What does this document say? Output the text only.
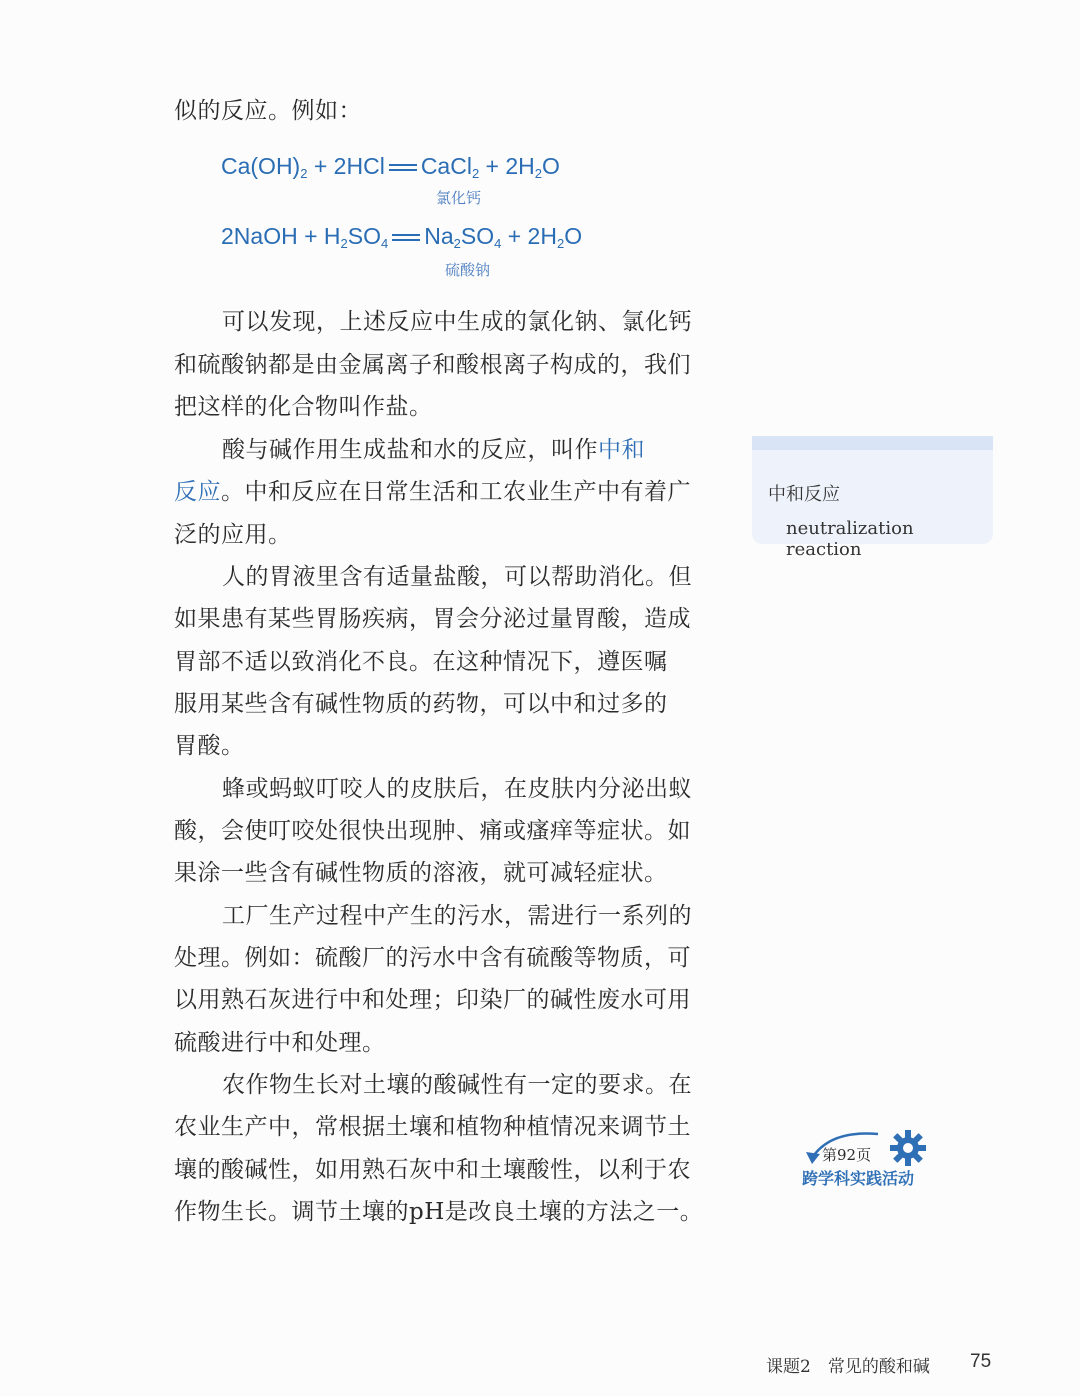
似的反应。例如：
$Ca(OH)_2 + 2HCl$ CaCl$_2$ + $2H_2O$
氯化钙
2NaOH + $H_2SO_4$ $Na_2SO_4 + 2H_2O$
硫酸钠
可以发现，上述反应中生成的氯化钠、氯化钙
和硫酸钠都是由金属离子和酸根离子构成的，我们
把这样的化合物叫作盐。
酸与碱作用生成盐和水的反应，叫作中和
反应。中和反应在日常生活和工农业生产中有着广
泛的应用。
人的胃液里含有适量盐酸，可以帮助消化。但
如果患有某些胃肠疾病，胃会分泌过量胃酸，造成
胃部不适以致消化不良。在这种情况下，遵医嘱
服用某些含有碱性物质的药物，可以中和过多的
胃酸。
蜂或蚂蚁叮咬人的皮肤后，在皮肤内分泌出蚁
酸，会使叮咬处很快出现肿、痛或瘙痒等症状。如
果涂一些含有碱性物质的溶液，就可减轻症状。
工厂生产过程中产生的污水，需进行一系列的
处理。例如：硫酸厂的污水中含有硫酸等物质，可
以用熟石灰进行中和处理；印染厂的碱性废水可用
硫酸进行中和处理。
农作物生长对土壤的酸碱性有一定的要求。在
农业生产中，常根据土壤和植物种植情况来调节土
壤的酸碱性，如用熟石灰中和土壤酸性，以利于农
作物生长。调节土壤的pH是改良土壤的方法之一。
中和反应
neutralization reaction
第92页
跨学科实践活动
课题2　常见的酸和碱 75
